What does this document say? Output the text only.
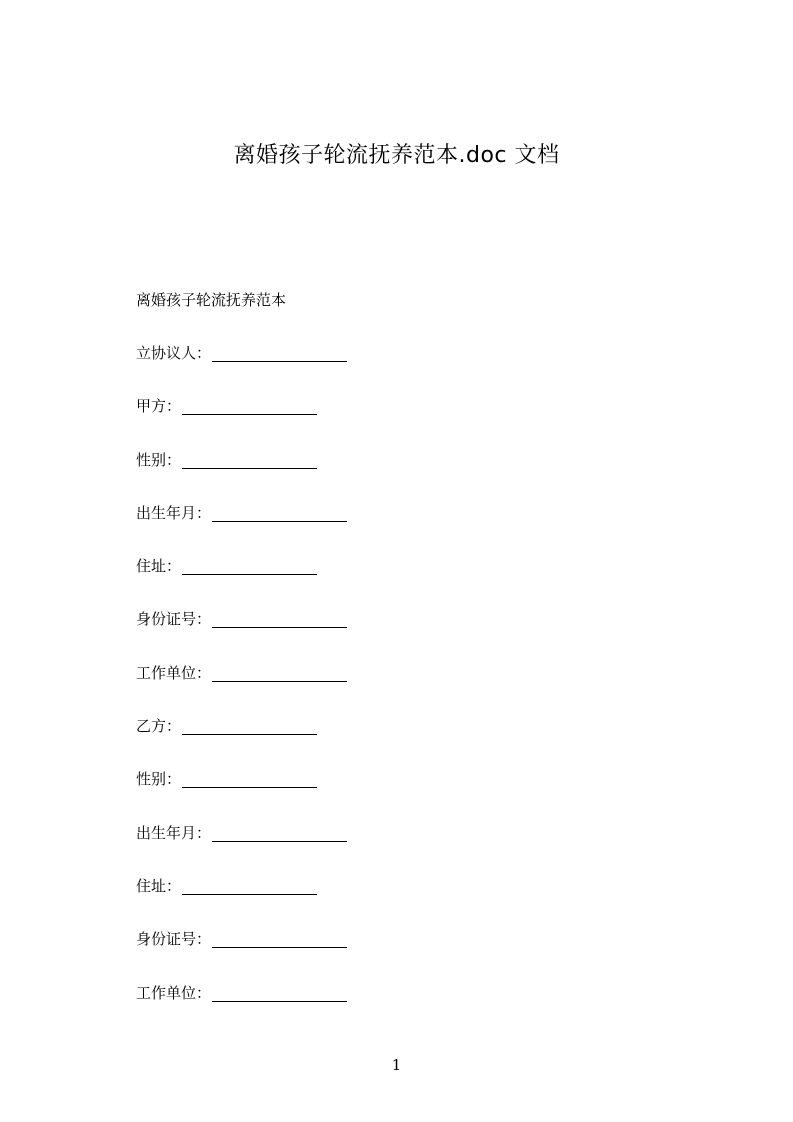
离婚孩子轮流抚养范本.doc 文档
离婚孩子轮流抚养范本
立协议人：
甲方：
性别：
出生年月：
住址：
身份证号：
工作单位：
乙方：
性别：
出生年月：
住址：
身份证号：
工作单位：
1
